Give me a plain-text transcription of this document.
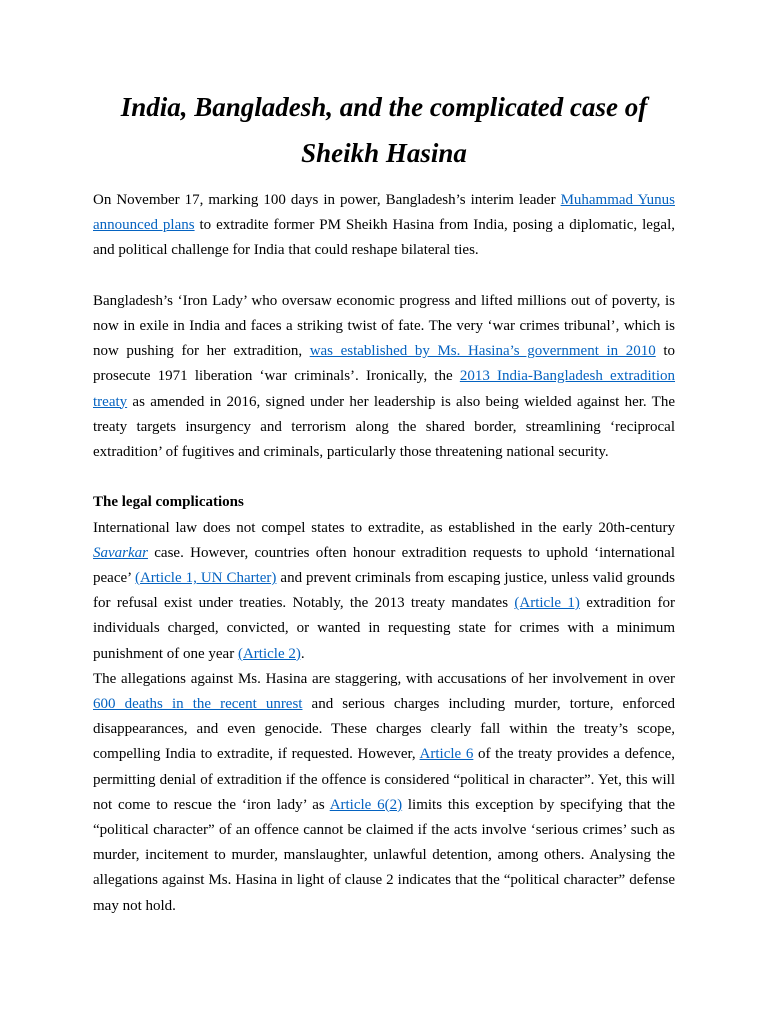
India, Bangladesh, and the complicated case of Sheikh Hasina

On November 17, marking 100 days in power, Bangladesh’s interim leader Muhammad Yunus announced plans to extradite former PM Sheikh Hasina from India, posing a diplomatic, legal, and political challenge for India that could reshape bilateral ties.

Bangladesh’s ‘Iron Lady’ who oversaw economic progress and lifted millions out of poverty, is now in exile in India and faces a striking twist of fate. The very ‘war crimes tribunal’, which is now pushing for her extradition, was established by Ms. Hasina’s government in 2010 to prosecute 1971 liberation ‘war criminals’. Ironically, the 2013 India-Bangladesh extradition treaty as amended in 2016, signed under her leadership is also being wielded against her. The treaty targets insurgency and terrorism along the shared border, streamlining ‘reciprocal extradition’ of fugitives and criminals, particularly those threatening national security.

The legal complications

International law does not compel states to extradite, as established in the early 20th-century Savarkar case. However, countries often honour extradition requests to uphold ‘international peace’ (Article 1, UN Charter) and prevent criminals from escaping justice, unless valid grounds for refusal exist under treaties. Notably, the 2013 treaty mandates (Article 1) extradition for individuals charged, convicted, or wanted in requesting state for crimes with a minimum punishment of one year (Article 2).

The allegations against Ms. Hasina are staggering, with accusations of her involvement in over 600 deaths in the recent unrest and serious charges including murder, torture, enforced disappearances, and even genocide. These charges clearly fall within the treaty’s scope, compelling India to extradite, if requested. However, Article 6 of the treaty provides a defence, permitting denial of extradition if the offence is considered “political in character”. Yet, this will not come to rescue the ‘iron lady’ as Article 6(2) limits this exception by specifying that the “political character” of an offence cannot be claimed if the acts involve ‘serious crimes’ such as murder, incitement to murder, manslaughter, unlawful detention, among others. Analysing the allegations against Ms. Hasina in light of clause 2 indicates that the “political character” defense may not hold.
